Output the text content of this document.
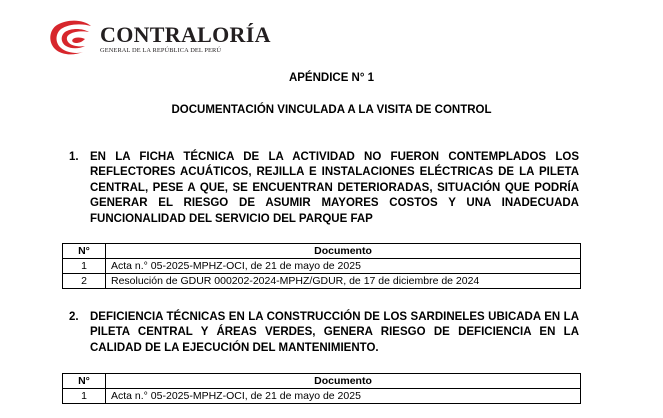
CONTRALORÍA
GENERAL DE LA REPÚBLICA DEL PERÚ
APÉNDICE N° 1
DOCUMENTACIÓN VINCULADA A LA VISITA DE CONTROL
1. EN LA FICHA TÉCNICA DE LA ACTIVIDAD NO FUERON CONTEMPLADOS LOS REFLECTORES ACUÁTICOS, REJILLA E INSTALACIONES ELÉCTRICAS DE LA PILETA CENTRAL, PESE A QUE, SE ENCUENTRAN DETERIORADAS, SITUACIÓN QUE PODRÍA GENERAR EL RIESGO DE ASUMIR MAYORES COSTOS Y UNA INADECUADA FUNCIONALIDAD DEL SERVICIO DEL PARQUE FAP

N°	Documento
1	Acta n.° 05-2025-MPHZ-OCI, de 21 de mayo de 2025
2	Resolución de GDUR 000202-2024-MPHZ/GDUR, de 17 de diciembre de 2024
2. DEFICIENCIA TÉCNICAS EN LA CONSTRUCCIÓN DE LOS SARDINELES UBICADA EN LA PILETA CENTRAL Y ÁREAS VERDES, GENERA RIESGO DE DEFICIENCIA EN LA CALIDAD DE LA EJECUCIÓN DEL MANTENIMIENTO.

N°	Documento
1	Acta n.° 05-2025-MPHZ-OCI, de 21 de mayo de 2025
